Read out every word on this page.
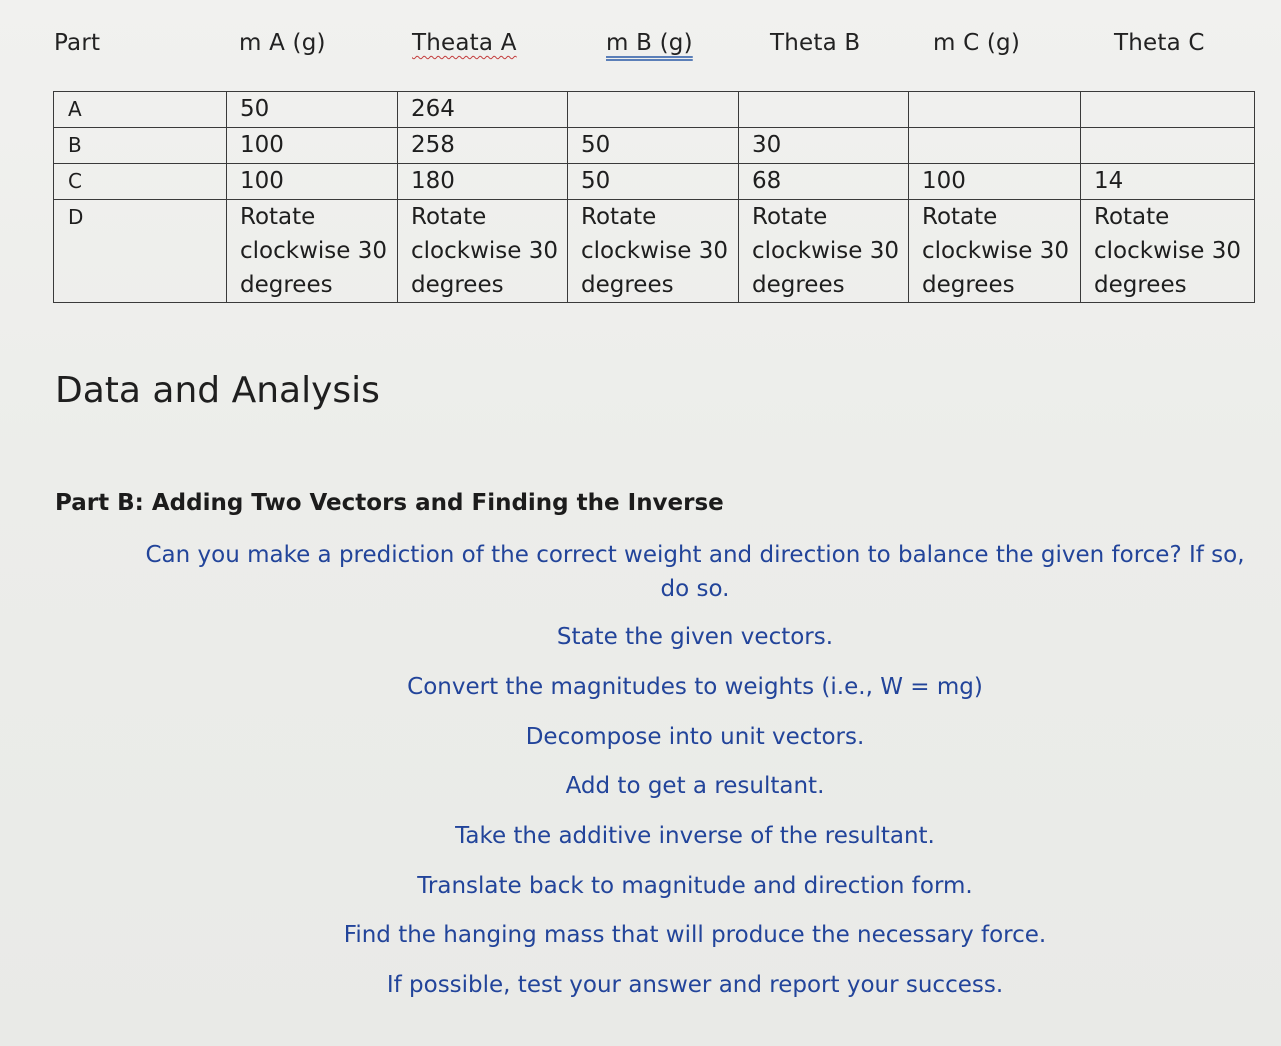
Part	m A (g)	Theata A	m B (g)	Theta B	m C (g)	Theta C
A	50	264				
B	100	258	50	30		
C	100	180	50	68	100	14
D	Rotate clockwise 30 degrees	Rotate clockwise 30 degrees	Rotate clockwise 30 degrees	Rotate clockwise 30 degrees	Rotate clockwise 30 degrees	Rotate clockwise 30 degrees
Data and Analysis
Part B: Adding Two Vectors and Finding the Inverse
Can you make a prediction of the correct weight and direction to balance the given force? If so, do so.
State the given vectors.
Convert the magnitudes to weights (i.e., W = mg)
Decompose into unit vectors.
Add to get a resultant.
Take the additive inverse of the resultant.
Translate back to magnitude and direction form.
Find the hanging mass that will produce the necessary force.
If possible, test your answer and report your success.
